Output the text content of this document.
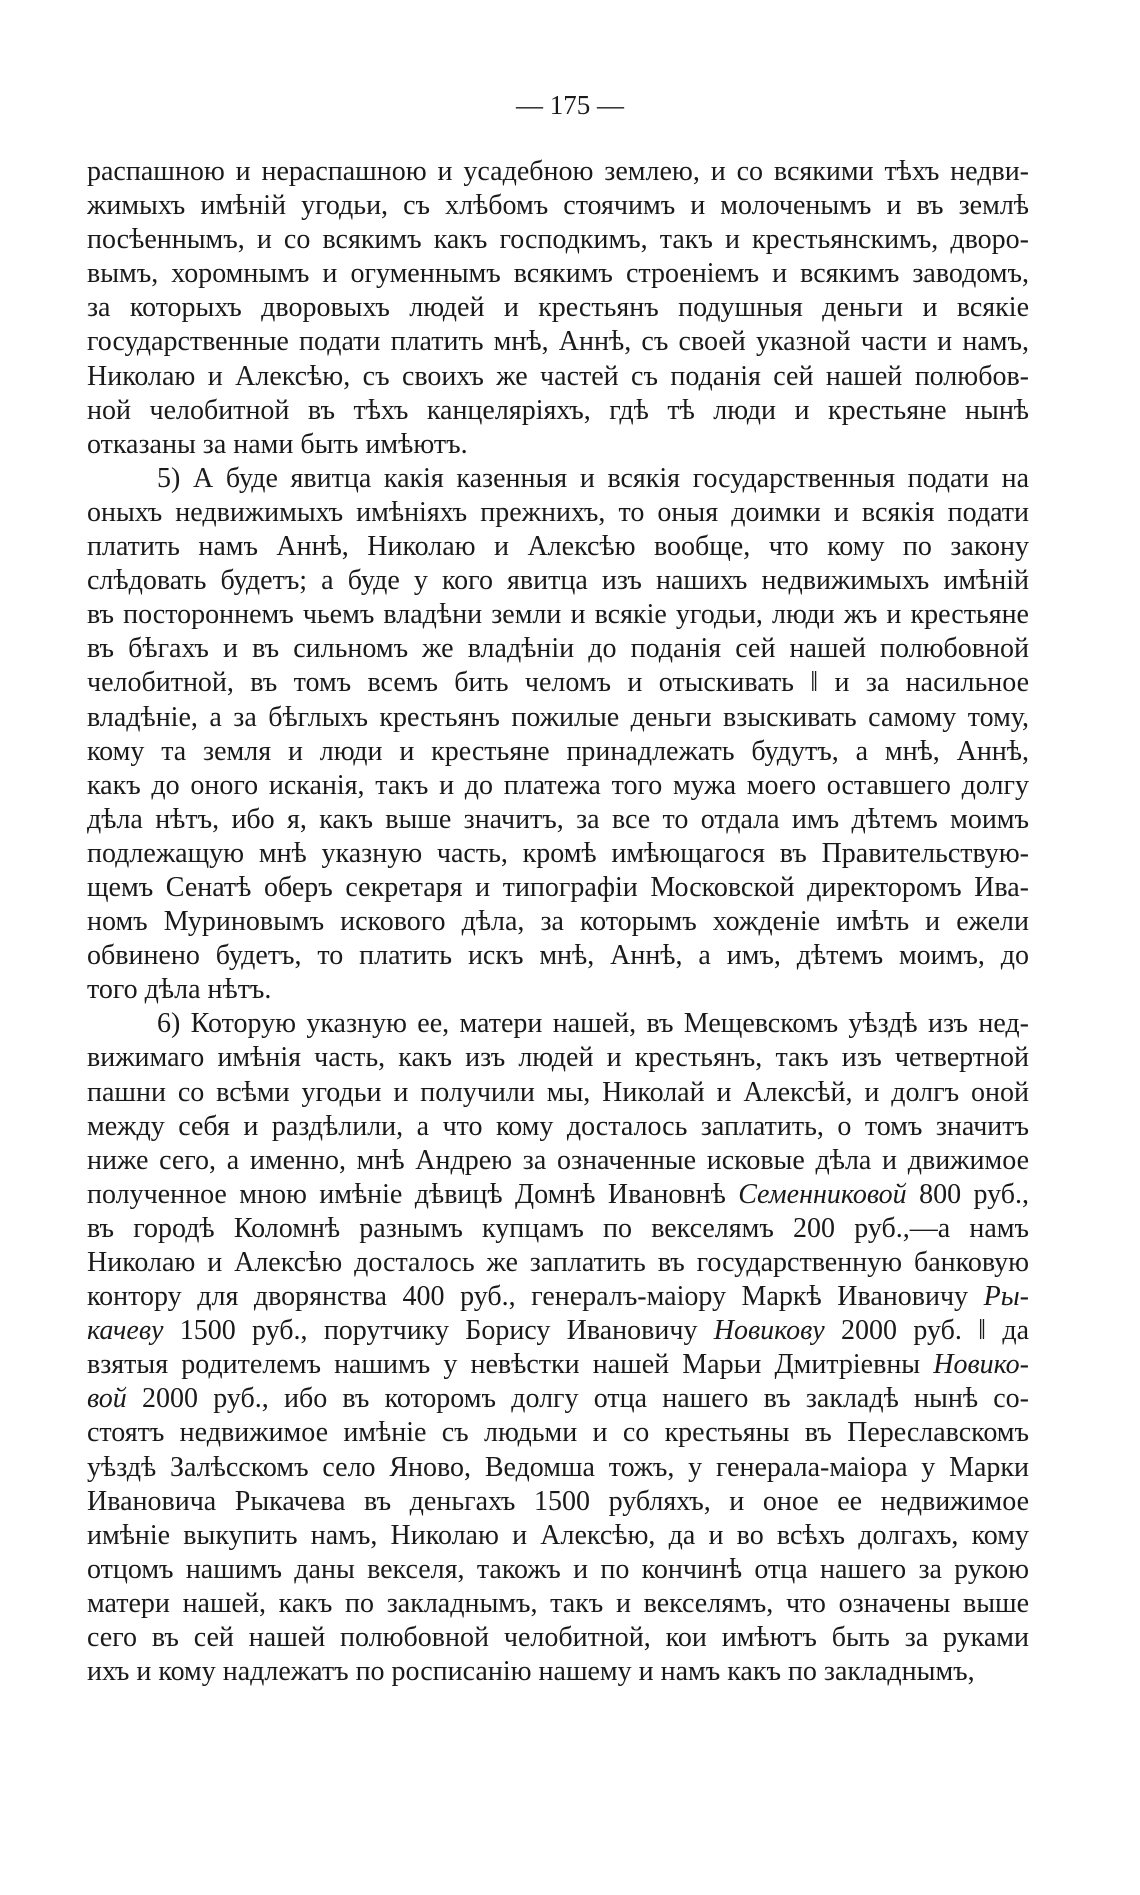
— 175 —
распашною и нераспашною и усадебною землею, и со всякими тѣхъ недви-
жимыхъ имѣній угодьи, съ хлѣбомъ стоячимъ и молоченымъ и въ землѣ
посѣеннымъ, и со всякимъ какъ господкимъ, такъ и крестьянскимъ, дворо-
вымъ, хоромнымъ и огуменнымъ всякимъ строеніемъ и всякимъ заводомъ,
за которыхъ дворовыхъ людей и крестьянъ подушныя деньги и всякіе
государственные подати платить мнѣ, Аннѣ, съ своей указной части и намъ,
Николаю и Алексѣю, съ своихъ же частей съ поданія сей нашей полюбов-
ной челобитной въ тѣхъ канцеляріяхъ, гдѣ тѣ люди и крестьяне нынѣ
отказаны за нами быть имѣютъ.
5) А буде явитца какія казенныя и всякія государственныя подати на
оныхъ недвижимыхъ имѣніяхъ прежнихъ, то оныя доимки и всякія подати
платить намъ Аннѣ, Николаю и Алексѣю вообще, что кому по закону
слѣдовать будетъ; а буде у кого явитца изъ нашихъ недвижимыхъ имѣній
въ постороннемъ чьемъ владѣни земли и всякіе угодьи, люди жъ и крестьяне
въ бѣгахъ и въ сильномъ же владѣніи до поданія сей нашей полюбовной
челобитной, въ томъ всемъ бить челомъ и отыскивать ‖ и за насильное
владѣніе, а за бѣглыхъ крестьянъ пожилые деньги взыскивать самому тому,
кому та земля и люди и крестьяне принадлежать будутъ, а мнѣ, Аннѣ,
какъ до оного исканія, такъ и до платежа того мужа моего оставшего долгу
дѣла нѣтъ, ибо я, какъ выше значитъ, за все то отдала имъ дѣтемъ моимъ
подлежащую мнѣ указную часть, кромѣ имѣющагося въ Правительствую-
щемъ Сенатѣ оберъ секретаря и типографіи Московской директоромъ Ива-
номъ Муриновымъ искового дѣла, за которымъ хожденіе имѣть и ежели
обвинено будетъ, то платить искъ мнѣ, Аннѣ, а имъ, дѣтемъ моимъ, до
того дѣла нѣтъ.
6) Которую указную ее, матери нашей, въ Мещевскомъ уѣздѣ изъ нед-
вижимаго имѣнія часть, какъ изъ людей и крестьянъ, такъ изъ четвертной
пашни со всѣми угодьи и получили мы, Николай и Алексѣй, и долгъ оной
между себя и раздѣлили, а что кому досталось заплатить, о томъ значитъ
ниже сего, а именно, мнѣ Андрею за означенные исковые дѣла и движимое
полученное мною имѣніе дѣвицѣ Домнѣ Ивановнѣ Семенниковой 800 руб.,
въ городѣ Коломнѣ разнымъ купцамъ по векселямъ 200 руб.,—а намъ
Николаю и Алексѣю досталось же заплатить въ государственную банковую
контору для дворянства 400 руб., генералъ-маіору Маркѣ Ивановичу Ры-
качеву 1500 руб., порутчику Борису Ивановичу Новикову 2000 руб. ‖ да
взятыя родителемъ нашимъ у невѣстки нашей Марьи Дмитріевны Новико-
вой 2000 руб., ибо въ которомъ долгу отца нашего въ закладѣ нынѣ со-
стоятъ недвижимое имѣніе съ людьми и со крестьяны въ Переславскомъ
уѣздѣ Залѣсскомъ село Яново, Ведомша тожъ, у генерала-маіора у Марки
Ивановича Рыкачева въ деньгахъ 1500 рубляхъ, и оное ее недвижимое
имѣніе выкупить намъ, Николаю и Алексѣю, да и во всѣхъ долгахъ, кому
отцомъ нашимъ даны векселя, такожъ и по кончинѣ отца нашего за рукою
матери нашей, какъ по закладнымъ, такъ и векселямъ, что означены выше
сего въ сей нашей полюбовной челобитной, кои имѣютъ быть за руками
ихъ и кому надлежатъ по росписанію нашему и намъ какъ по закладнымъ,
